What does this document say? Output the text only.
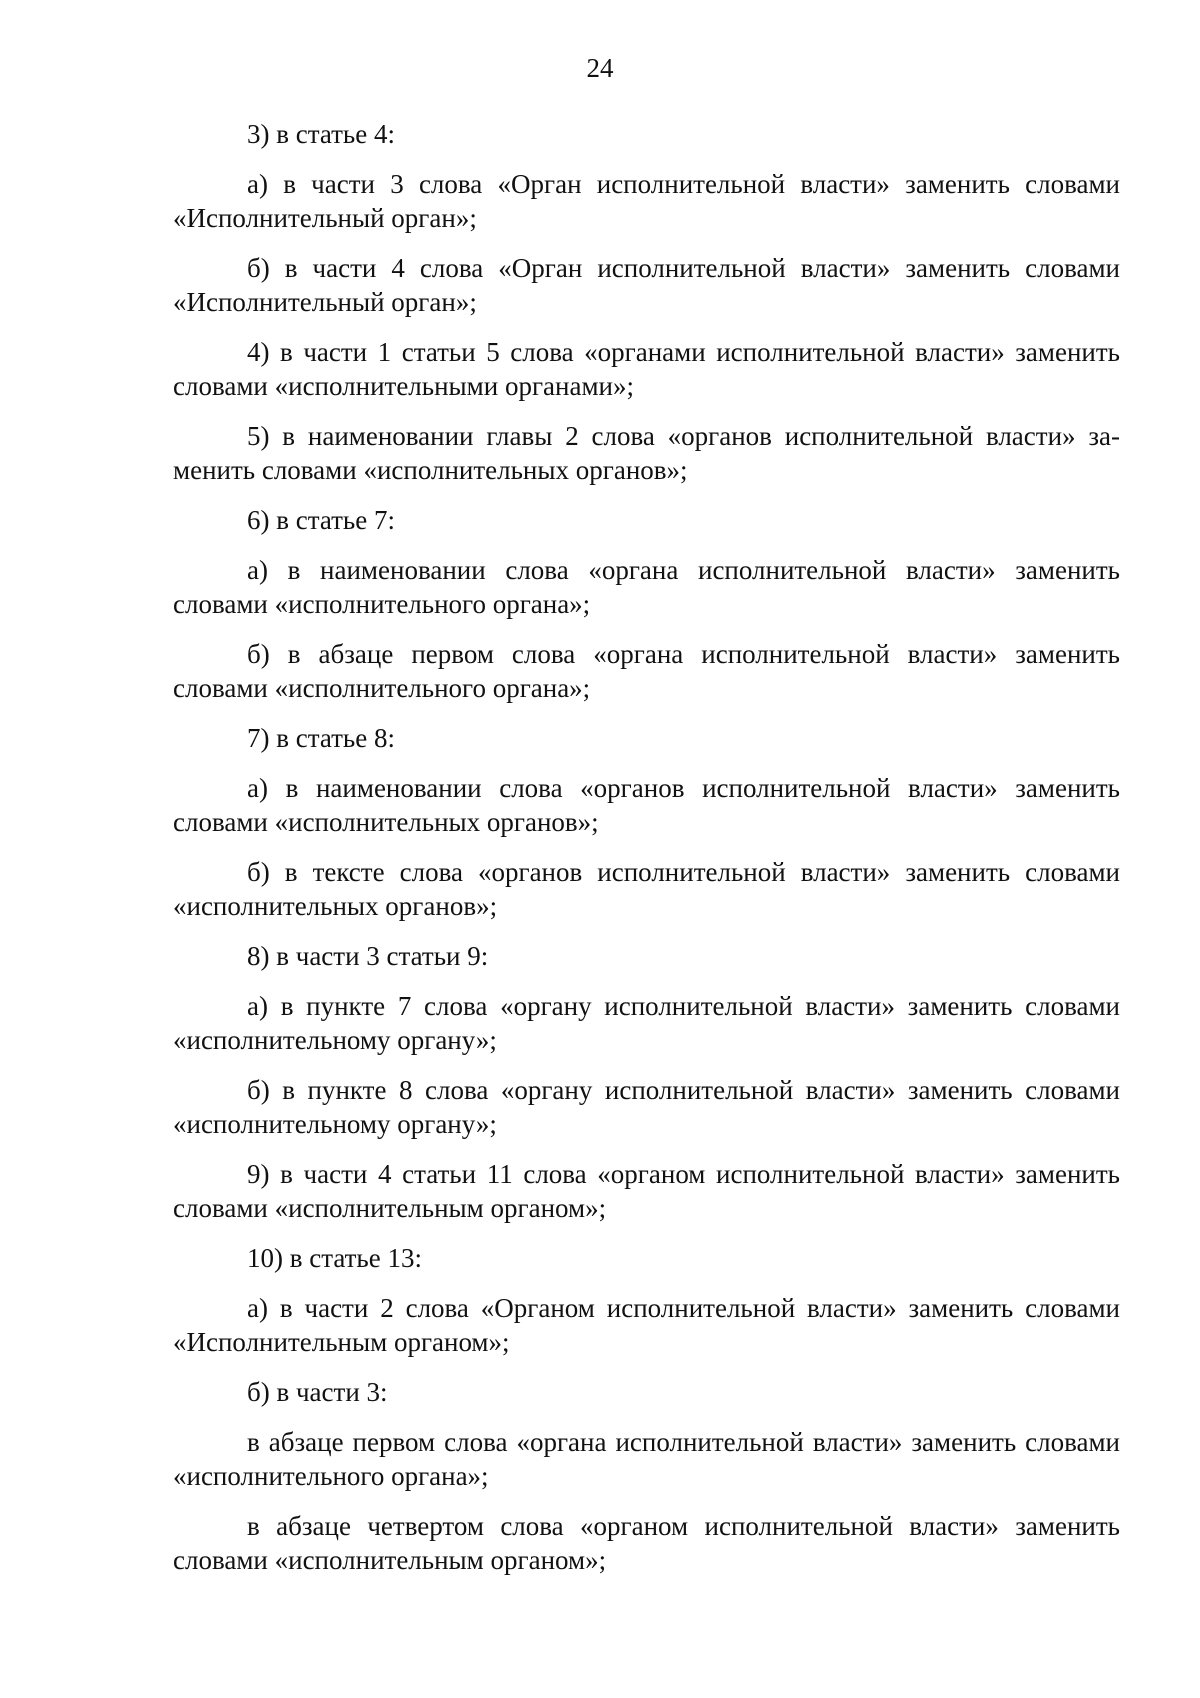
24

3) в статье 4:

а) в части 3 слова «Орган исполнительной власти» заменить словами «Исполнительный орган»;

б) в части 4 слова «Орган исполнительной власти» заменить словами «Исполнительный орган»;

4) в части 1 статьи 5 слова «органами исполнительной власти» заменить словами «исполнительными органами»;

5) в наименовании главы 2 слова «органов исполнительной власти» заменить словами «исполнительных органов»;

6) в статье 7:

а) в наименовании слова «органа исполнительной власти» заменить словами «исполнительного органа»;

б) в абзаце первом слова «органа исполнительной власти» заменить словами «исполнительного органа»;

7) в статье 8:

а) в наименовании слова «органов исполнительной власти» заменить словами «исполнительных органов»;

б) в тексте слова «органов исполнительной власти» заменить словами «исполнительных органов»;

8) в части 3 статьи 9:

а) в пункте 7 слова «органу исполнительной власти» заменить словами «исполнительному органу»;

б) в пункте 8 слова «органу исполнительной власти» заменить словами «исполнительному органу»;

9) в части 4 статьи 11 слова «органом исполнительной власти» заменить словами «исполнительным органом»;

10) в статье 13:

а) в части 2 слова «Органом исполнительной власти» заменить словами «Исполнительным органом»;

б) в части 3:

в абзаце первом слова «органа исполнительной власти» заменить словами «исполнительного органа»;

в абзаце четвертом слова «органом исполнительной власти» заменить словами «исполнительным органом»;
